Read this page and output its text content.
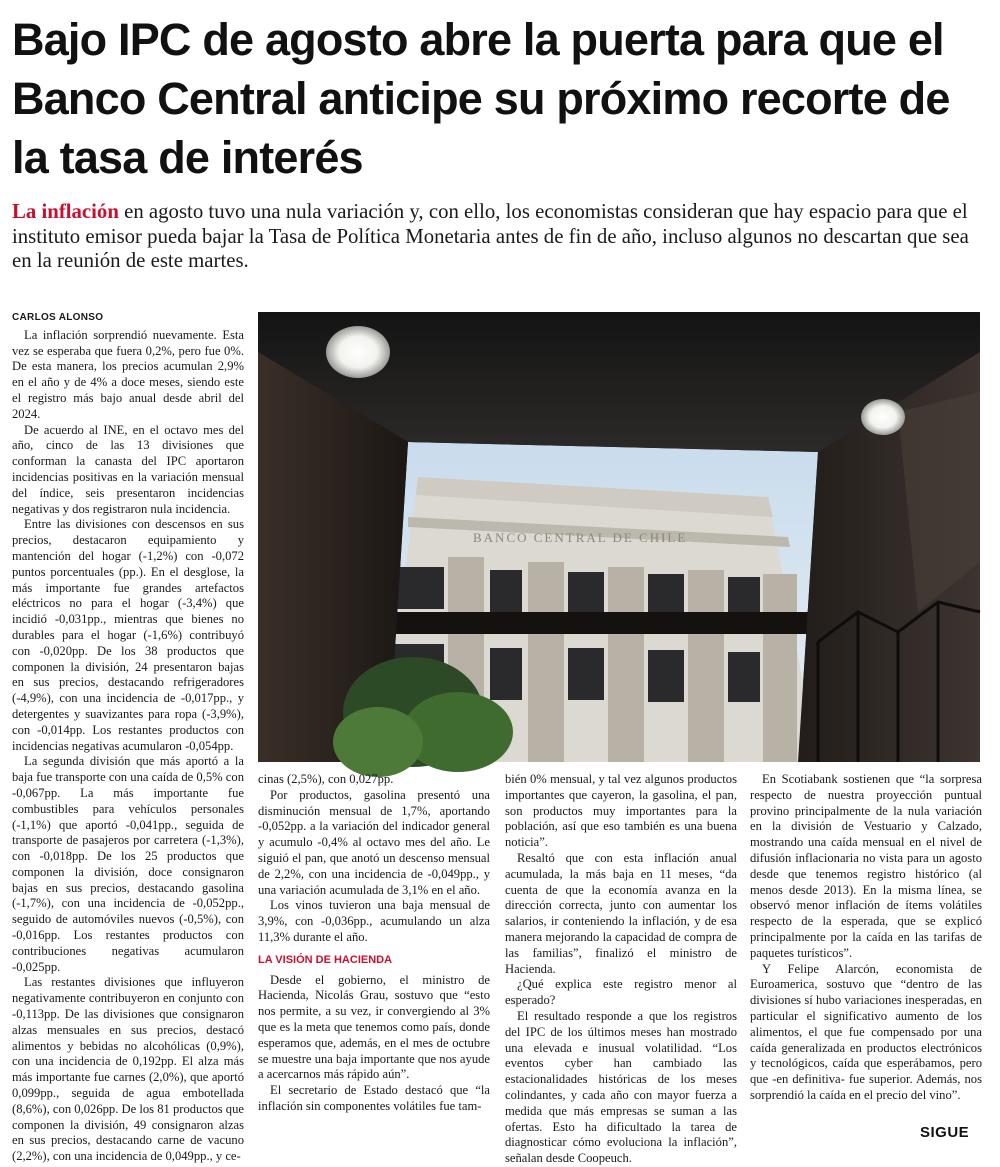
Bajo IPC de agosto abre la puerta para que el Banco Central anticipe su próximo recorte de la tasa de interés

La inflación en agosto tuvo una nula variación y, con ello, los economistas consideran que hay espacio para que el instituto emisor pueda bajar la Tasa de Política Monetaria antes de fin de año, incluso algunos no descartan que sea en la reunión de este martes.

CARLOS ALONSO

La inflación sorprendió nuevamente. Esta vez se esperaba que fuera 0,2%, pero fue 0%. De esta manera, los precios acumulan 2,9% en el año y de 4% a doce meses, siendo este el registro más bajo anual desde abril del 2024.

De acuerdo al INE, en el octavo mes del año, cinco de las 13 divisiones que conforman la canasta del IPC aportaron incidencias positivas en la variación mensual del índice, seis presentaron incidencias negativas y dos registraron nula incidencia.

Entre las divisiones con descensos en sus precios, destacaron equipamiento y mantención del hogar (-1,2%) con -0,072 puntos porcentuales (pp.). En el desglose, la más importante fue grandes artefactos eléctricos no para el hogar (-3,4%) que incidió -0,031pp., mientras que bienes no durables para el hogar (-1,6%) contribuyó con -0,020pp. De los 38 productos que componen la división, 24 presentaron bajas en sus precios, destacando refrigeradores (-4,9%), con una incidencia de -0,017pp., y detergentes y suavizantes para ropa (-3,9%), con -0,014pp. Los restantes productos con incidencias negativas acumularon -0,054pp.

La segunda división que más aportó a la baja fue transporte con una caída de 0,5% con -0,067pp. La más importante fue combustibles para vehículos personales (-1,1%) que aportó -0,041pp., seguida de transporte de pasajeros por carretera (-1,3%), con -0,018pp. De los 25 productos que componen la división, doce consignaron bajas en sus precios, destacando gasolina (-1,7%), con una incidencia de -0,052pp., seguido de automóviles nuevos (-0,5%), con -0,016pp. Los restantes productos con contribuciones negativas acumularon -0,025pp.

Las restantes divisiones que influyeron negativamente contribuyeron en conjunto con -0,113pp. De las divisiones que consignaron alzas mensuales en sus precios, destacó alimentos y bebidas no alcohólicas (0,9%), con una incidencia de 0,192pp. El alza más más importante fue carnes (2,0%), que aportó 0,099pp., seguida de agua embotellada (8,6%), con 0,026pp. De los 81 productos que componen la división, 49 consignaron alzas en sus precios, destacando carne de vacuno (2,2%), con una incidencia de 0,049pp., y ce-

BANCO CENTRAL DE CHILE

cinas (2,5%), con 0,027pp.

Por productos, gasolina presentó una disminución mensual de 1,7%, aportando -0,052pp. a la variación del indicador general y acumulo -0,4% al octavo mes del año. Le siguió el pan, que anotó un descenso mensual de 2,2%, con una incidencia de -0,049pp., y una variación acumulada de 3,1% en el año.

Los vinos tuvieron una baja mensual de 3,9%, con -0,036pp., acumulando un alza 11,3% durante el año.

LA VISIÓN DE HACIENDA

Desde el gobierno, el ministro de Hacienda, Nicolás Grau, sostuvo que “esto nos permite, a su vez, ir convergiendo al 3% que es la meta que tenemos como país, donde esperamos que, además, en el mes de octubre se muestre una baja importante que nos ayude a acercarnos más rápido aún”.

El secretario de Estado destacó que “la inflación sin componentes volátiles fue tam-

bién 0% mensual, y tal vez algunos productos importantes que cayeron, la gasolina, el pan, son productos muy importantes para la población, así que eso también es una buena noticia”.

Resaltó que con esta inflación anual acumulada, la más baja en 11 meses, “da cuenta de que la economía avanza en la dirección correcta, junto con aumentar los salarios, ir conteniendo la inflación, y de esa manera mejorando la capacidad de compra de las familias”, finalizó el ministro de Hacienda.

¿Qué explica este registro menor al esperado?

El resultado responde a que los registros del IPC de los últimos meses han mostrado una elevada e inusual volatilidad. “Los eventos cyber han cambiado las estacionalidades históricas de los meses colindantes, y cada año con mayor fuerza a medida que más empresas se suman a las ofertas. Esto ha dificultado la tarea de diagnosticar cómo evoluciona la inflación”, señalan desde Coopeuch.

En Scotiabank sostienen que “la sorpresa respecto de nuestra proyección puntual provino principalmente de la nula variación en la división de Vestuario y Calzado, mostrando una caída mensual en el nivel de difusión inflacionaria no vista para un agosto desde que tenemos registro histórico (al menos desde 2013). En la misma línea, se observó menor inflación de ítems volátiles respecto de la esperada, que se explicó principalmente por la caída en las tarifas de paquetes turísticos”.

Y Felipe Alarcón, economista de Euroamerica, sostuvo que “dentro de las divisiones sí hubo variaciones inesperadas, en particular el significativo aumento de los alimentos, el que fue compensado por una caída generalizada en productos electrónicos y tecnológicos, caída que esperábamos, pero que -en definitiva- fue superior. Además, nos sorprendió la caída en el precio del vino”.

SIGUE
